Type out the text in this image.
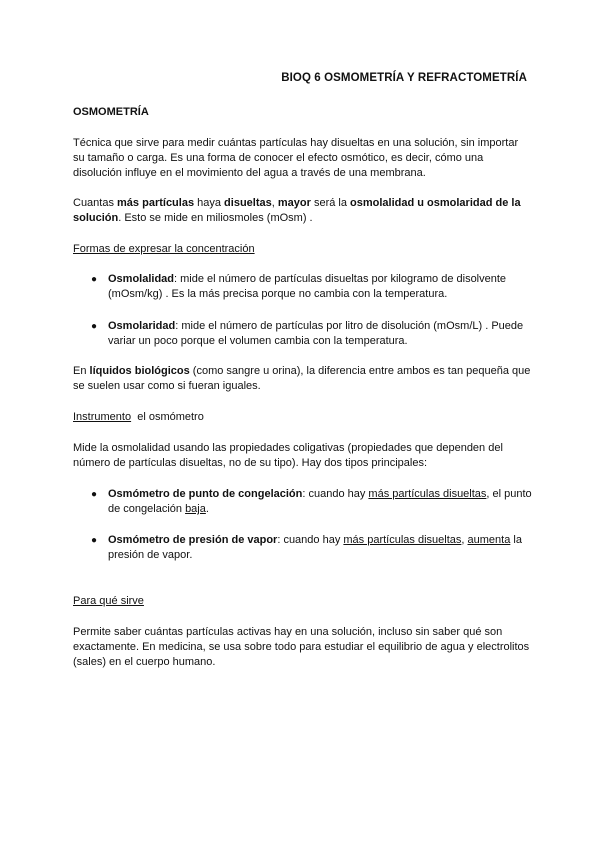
BIOQ 6 OSMOMETRÍA Y REFRACTOMETRÍA
OSMOMETRÍA
Técnica que sirve para medir cuántas partículas hay disueltas en una solución, sin importar su tamaño o carga. Es una forma de conocer el efecto osmótico, es decir, cómo una disolución influye en el movimiento del agua a través de una membrana.
Cuantas más partículas haya disueltas, mayor será la osmolalidad u osmolaridad de la solución. Esto se mide en miliosmoles (mOsm) .
Formas de expresar la concentración
● Osmolalidad: mide el número de partículas disueltas por kilogramo de disolvente (mOsm/kg) . Es la más precisa porque no cambia con la temperatura.
● Osmolaridad: mide el número de partículas por litro de disolución (mOsm/L) . Puede variar un poco porque el volumen cambia con la temperatura.
En líquidos biológicos (como sangre u orina), la diferencia entre ambos es tan pequeña que se suelen usar como si fueran iguales.
Instrumento  el osmómetro
Mide la osmolalidad usando las propiedades coligativas (propiedades que dependen del número de partículas disueltas, no de su tipo). Hay dos tipos principales:
● Osmómetro de punto de congelación: cuando hay más partículas disueltas, el punto de congelación baja.
● Osmómetro de presión de vapor: cuando hay más partículas disueltas, aumenta la presión de vapor.
Para qué sirve
Permite saber cuántas partículas activas hay en una solución, incluso sin saber qué son exactamente. En medicina, se usa sobre todo para estudiar el equilibrio de agua y electrolitos (sales) en el cuerpo humano.
